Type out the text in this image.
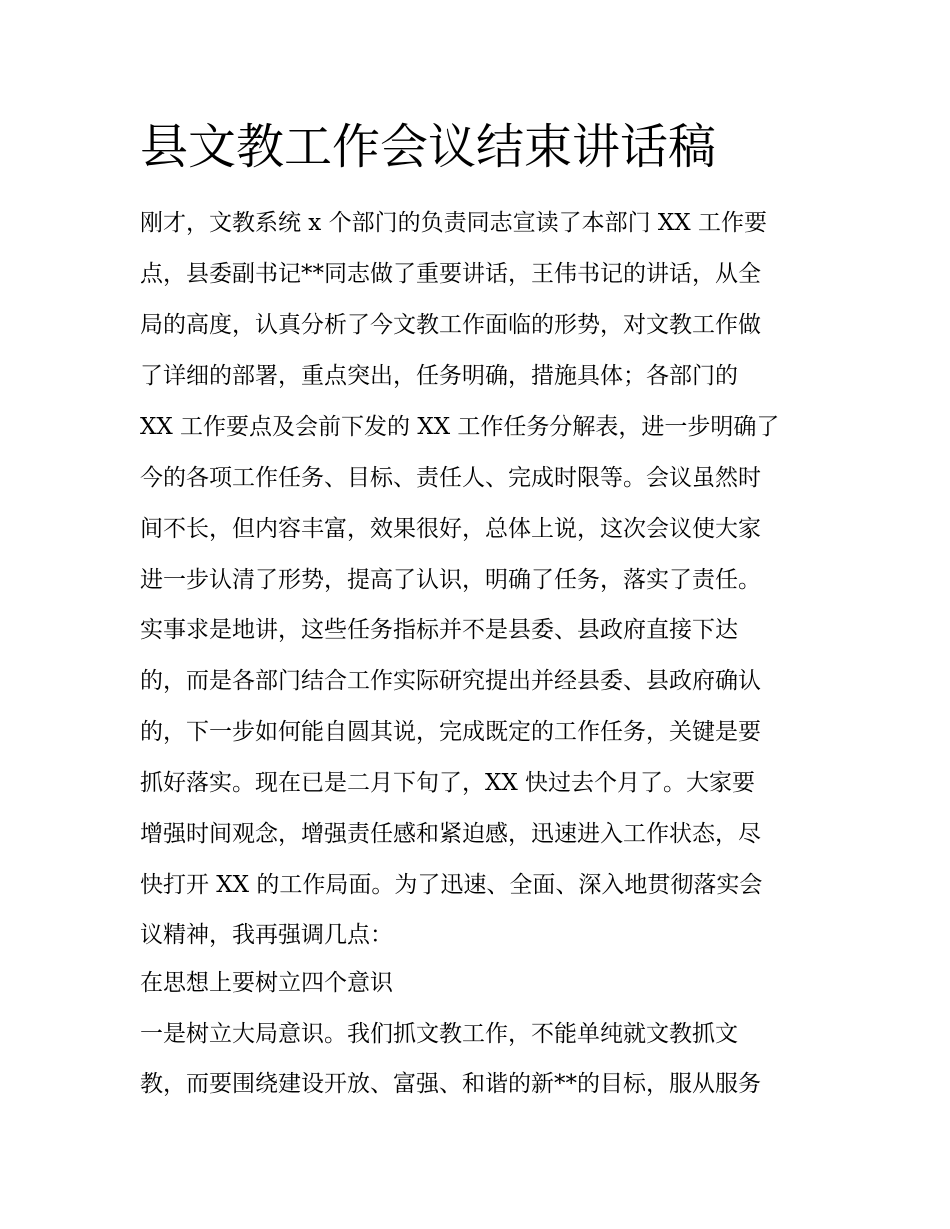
县文教工作会议结束讲话稿

刚才，文教系统 x 个部门的负责同志宣读了本部门 XX 工作要

点，县委副书记**同志做了重要讲话，王伟书记的讲话，从全

局的高度，认真分析了今文教工作面临的形势，对文教工作做

了详细的部署，重点突出，任务明确，措施具体；各部门的

XX 工作要点及会前下发的 XX 工作任务分解表，进一步明确了

今的各项工作任务、目标、责任人、完成时限等。会议虽然时

间不长，但内容丰富，效果很好，总体上说，这次会议使大家

进一步认清了形势，提高了认识，明确了任务，落实了责任。

实事求是地讲，这些任务指标并不是县委、县政府直接下达

的，而是各部门结合工作实际研究提出并经县委、县政府确认

的，下一步如何能自圆其说，完成既定的工作任务，关键是要

抓好落实。现在已是二月下旬了，XX 快过去个月了。大家要

增强时间观念，增强责任感和紧迫感，迅速进入工作状态，尽

快打开 XX 的工作局面。为了迅速、全面、深入地贯彻落实会

议精神，我再强调几点：

在思想上要树立四个意识

一是树立大局意识。我们抓文教工作，不能单纯就文教抓文

教，而要围绕建设开放、富强、和谐的新**的目标，服从服务
